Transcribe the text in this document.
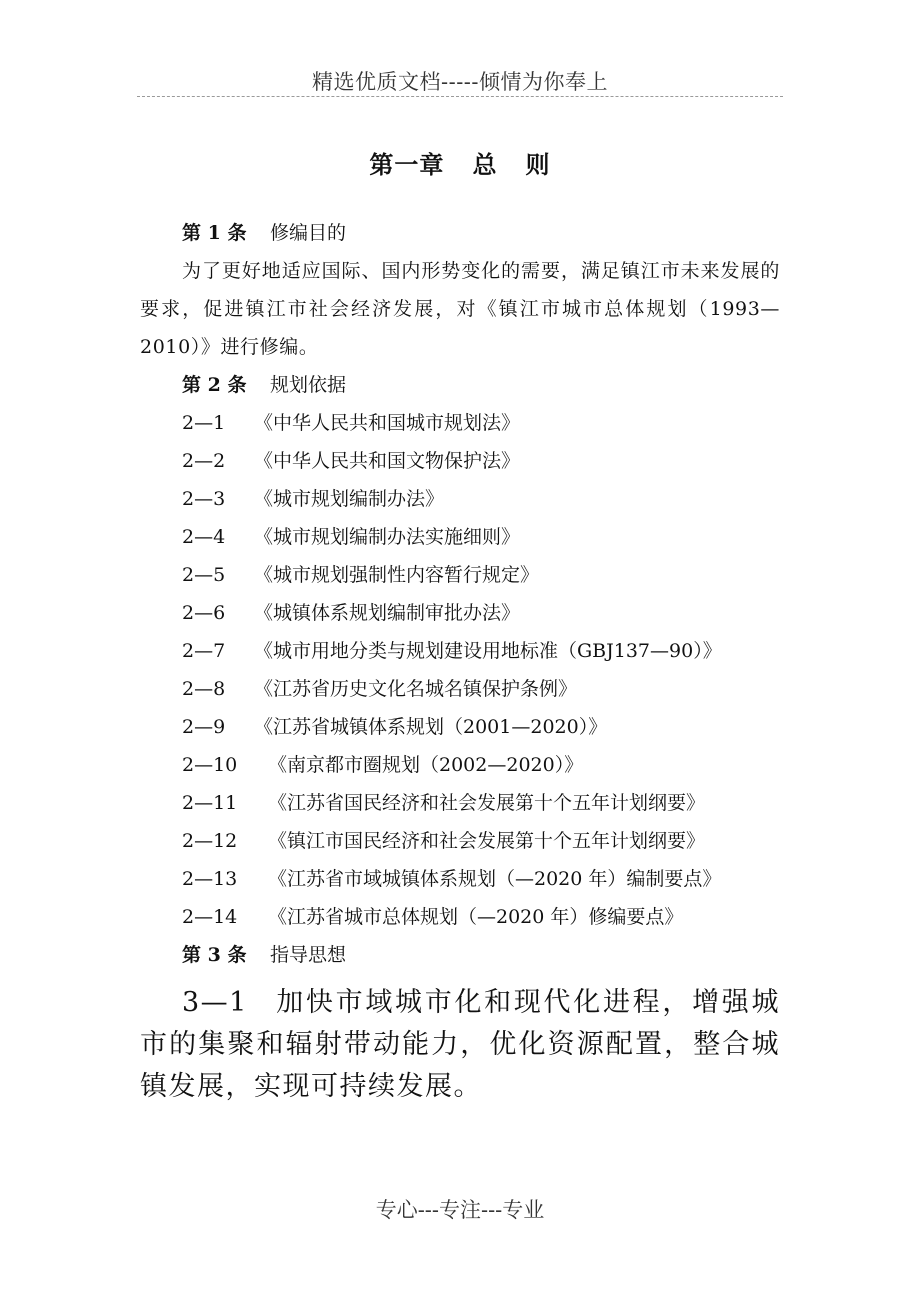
精选优质文档-----倾情为你奉上
第一章   总   则
第 1 条 修编目的

为了更好地适应国际、国内形势变化的需要，满足镇江市未来发展的要求，促进镇江市社会经济发展，对《镇江市城市总体规划（1993—2010）》进行修编。

第 2 条 规划依据
2—1 《中华人民共和国城市规划法》
2—2 《中华人民共和国文物保护法》
2—3 《城市规划编制办法》
2—4 《城市规划编制办法实施细则》
2—5 《城市规划强制性内容暂行规定》
2—6 《城镇体系规划编制审批办法》
2—7 《城市用地分类与规划建设用地标准（GBJ137—90）》
2—8 《江苏省历史文化名城名镇保护条例》
2—9 《江苏省城镇体系规划（2001—2020）》
2—10 《南京都市圈规划（2002—2020）》
2—11 《江苏省国民经济和社会发展第十个五年计划纲要》
2—12 《镇江市国民经济和社会发展第十个五年计划纲要》
2—13 《江苏省市域城镇体系规划（—2020 年）编制要点》
2—14 《江苏省城市总体规划（—2020 年）修编要点》
第 3 条 指导思想

3—1 加快市域城市化和现代化进程，增强城市的集聚和辐射带动能力，优化资源配置，整合城镇发展，实现可持续发展。

专心---专注---专业
